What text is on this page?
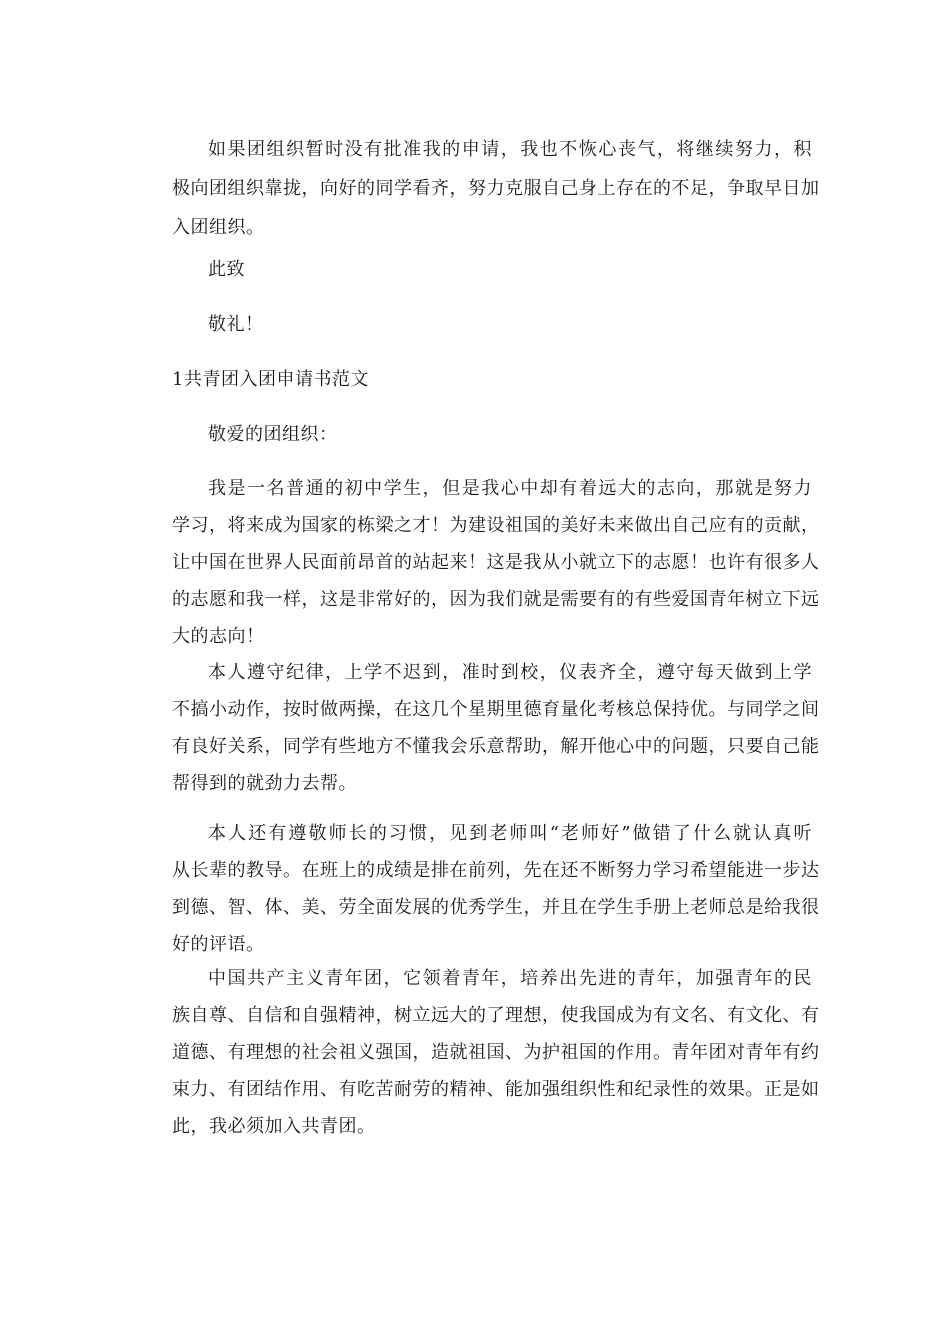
如果团组织暂时没有批准我的申请，我也不恢心丧气，将继续努力，积
极向团组织靠拢，向好的同学看齐，努力克服自己身上存在的不足，争取早日加
入团组织。
此致
敬礼！
1共青团入团申请书范文
敬爱的团组织：
我是一名普通的初中学生，但是我心中却有着远大的志向，那就是努力
学习，将来成为国家的栋梁之才！为建设祖国的美好未来做出自己应有的贡献，
让中国在世界人民面前昂首的站起来！这是我从小就立下的志愿！也许有很多人
的志愿和我一样，这是非常好的，因为我们就是需要有的有些爱国青年树立下远
大的志向！
本人遵守纪律，上学不迟到，准时到校，仪表齐全，遵守每天做到上学
不搞小动作，按时做两操，在这几个星期里德育量化考核总保持优。与同学之间
有良好关系，同学有些地方不懂我会乐意帮助，解开他心中的问题，只要自己能
帮得到的就劲力去帮。
本人还有遵敬师长的习惯，见到老师叫“老师好”做错了什么就认真听
从长辈的教导。在班上的成绩是排在前列，先在还不断努力学习希望能进一步达
到德、智、体、美、劳全面发展的优秀学生，并且在学生手册上老师总是给我很
好的评语。
中国共产主义青年团，它领着青年，培养出先进的青年，加强青年的民
族自尊、自信和自强精神，树立远大的了理想，使我国成为有文名、有文化、有
道德、有理想的社会祖义强国，造就祖国、为护祖国的作用。青年团对青年有约
束力、有团结作用、有吃苦耐劳的精神、能加强组织性和纪录性的效果。正是如
此，我必须加入共青团。
